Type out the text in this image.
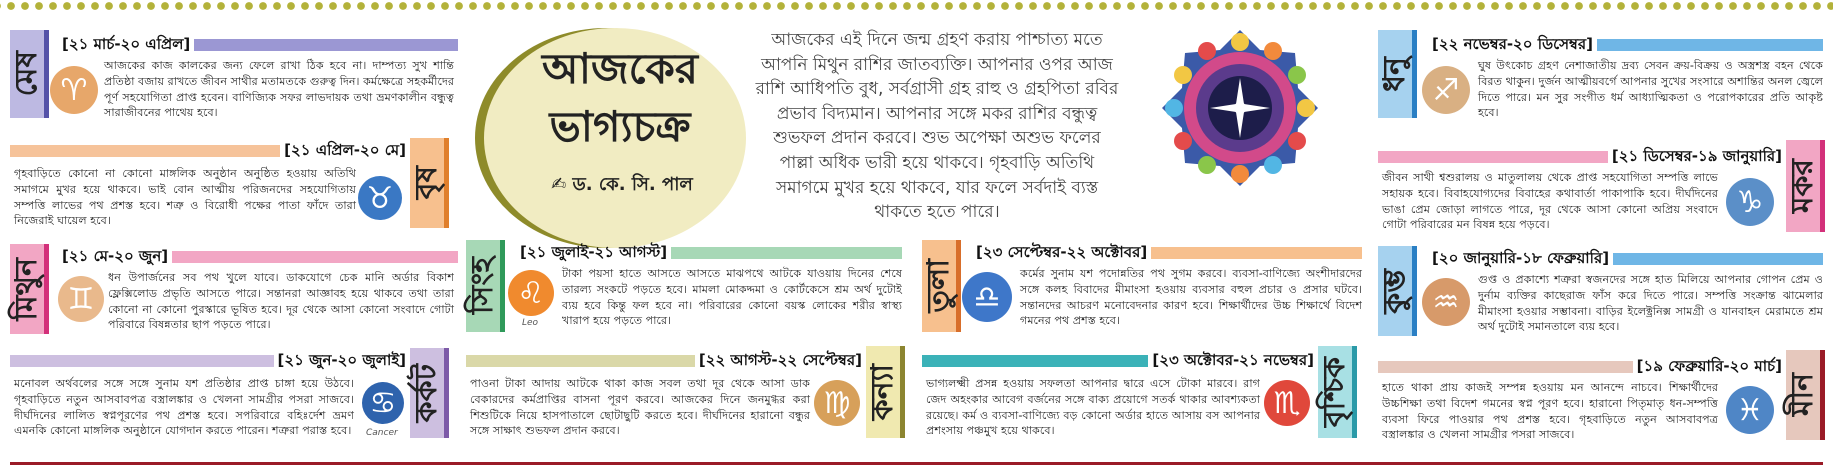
আজকের
ভাগ্যচক্র
✍ ড. কে. সি. পাল
আজকের এই দিনে জন্ম গ্রহণ করায় পাশ্চাত্য মতে আপনি মিথুন রাশির জাতব্যক্তি। আপনার ওপর আজ রাশি আধিপতি বুধ, সর্বগ্রাসী গ্রহ রাহু ও গ্রহপিতা রবির প্রভাব বিদ্যমান। আপনার সঙ্গে মকর রাশির বন্ধুত্ব শুভফল প্রদান করবে। শুভ অপেক্ষা অশুভ ফলের পাল্লা অধিক ভারী হয়ে থাকবে। গৃহবাড়ি অতিথি সমাগমে মুখর হয়ে থাকবে, যার ফলে সর্বদাই ব্যস্ত থাকতে হতে পারে।
মেষ
[২১ মার্চ-২০ এপ্রিল]
♈
আজকের কাজ কালকের জন্য ফেলে রাখা ঠিক হবে না। দাম্পত্য সুখ শান্তি প্রতিষ্ঠা বজায় রাখতে জীবন সাথীর মতামতকে গুরুত্ব দিন। কর্মক্ষেত্রে সহকর্মীদের পূর্ণ সহযোগিতা প্রাপ্ত হবেন। বাণিজ্যিক সফর লাভদায়ক তথা ভ্রমণকালীন বন্ধুত্ব সারাজীবনের পাথেয় হবে।
[২১ এপ্রিল-২০ মে]
বৃষ
গৃহবাড়িতে কোনো না কোনো মাঙ্গলিক অনুষ্ঠান অনুষ্ঠিত হওয়ায় অতিথি সমাগমে মুখর হয়ে থাকবে। ভাই বোন আত্মীয় পরিজনদের সহযোগিতায় সম্পত্তি লাভের পথ প্রশস্ত হবে। শত্রু ও বিরোধী পক্ষের পাতা ফাঁদে তারা নিজেরাই ঘায়েল হবে।
♉
মিথুন
[২১ মে-২০ জুন]
♊
ধন উপার্জনের সব পথ খুলে যাবে। ডাকযোগে চেক মানি অর্ডার বিকাশ ফ্লেক্সিলোড প্রভৃতি আসতে পারে। সন্তানরা আজ্ঞাবহ হয়ে থাকবে তথা তারা কোনো না কোনো পুরস্কারে ভূষিত হবে। দূর থেকে আসা কোনো সংবাদে গোটা পরিবারে বিষন্নতার ছাপ পড়তে পারে।
[২১ জুন-২০ জুলাই]
কর্কট
মনোবল অর্থবলের সঙ্গে সঙ্গে সুনাম যশ প্রতিষ্ঠার প্রাপ্ত চাঙ্গা হয়ে উঠবে। গৃহবাড়িতে নতুন আসবাবপত্র বস্ত্রালঙ্কার ও খেলনা সামগ্রীর পসরা সাজবে। দীর্ঘদিনের লালিত স্বপ্নপূরণের পথ প্রশস্ত হবে। সপরিবারে বহিঃর্দেশ ভ্রমণ এমনকি কোনো মাঙ্গলিক অনুষ্ঠানে যোগদান করতে পারেন। শত্রুরা পরাস্ত হবে।
♋
Cancer
সিংহ
[২১ জুলাই-২১ আগস্ট]
♌
Leo
টাকা পয়সা হাতে আসতে আসতে মাঝপথে আটকে যাওয়ায় দিনের শেষে তারল্য সংকটে পড়তে হবে। মামলা মোকদ্দমা ও কোর্টকেসে শ্রম অর্থ দুটোই ব্যয় হবে কিন্তু ফল হবে না। পরিবারের কোনো বয়স্ক লোকের শরীর স্বাস্থ্য খারাপ হয়ে পড়তে পারে।
[২২ আগস্ট-২২ সেপ্টেম্বর]
কন্যা
পাওনা টাকা আদায় আটকে থাকা কাজ সবল তথা দূর থেকে আসা ডাক বেকারদের কর্মপ্রাপ্তির বাসনা পূরণ করবে। আজকের দিনে জনমুগ্ধর করা শিশুটিকে নিয়ে হাসপাতালে ছোটাছুটি করতে হবে। দীর্ঘদিনের হারানো বন্ধুর সঙ্গে সাক্ষাৎ শুভফল প্রদান করবে।
♍
তুলা
[২৩ সেপ্টেম্বর-২২ অক্টোবর]
♎
কর্মের সুনাম যশ পদোন্নতির পথ সুগম করবে। ব্যবসা-বাণিজ্যে অংশীদারদের সঙ্গে কলহ বিবাদের মীমাংসা হওয়ায় ব্যবসার বহুল প্রচার ও প্রসার ঘটবে। সন্তানদের আচরণ মনোবেদনার কারণ হবে। শিক্ষার্থীদের উচ্চ শিক্ষার্থে বিদেশ গমনের পথ প্রশস্ত হবে।
[২৩ অক্টোবর-২১ নভেম্বর] বৃশ্চিক
ভাগ্যলক্ষ্মী প্রসন্ন হওয়ায় সফলতা আপনার দ্বারে এসে টোকা মারবে। রাগ জেদ অহংকার আবেগ বর্জনের সঙ্গে বাক্য প্রয়োগে সতর্ক থাকার আবশ্যকতা রয়েছে। কর্ম ও ব্যবসা-বাণিজ্যে বড় কোনো অর্ডার হাতে আসায় বস আপনার প্রশংসায় পঞ্চমুখ হয়ে থাকবে।
♏
ধনু
[২২ নভেম্বর-২০ ডিসেম্বর]
♐
ঘুষ উৎকোচ গ্রহণ নেশাজাতীয় দ্রব্য সেবন ক্রয়-বিক্রয় ও অস্ত্রশস্ত্র বহন থেকে বিরত থাকুন। দুর্জন আত্মীয়বর্গে আপনার সুখের সংসারে অশান্তির অনল জ্বেলে দিতে পারে। মন সুর সংগীত ধর্ম আধ্যাত্মিকতা ও পরোপকারের প্রতি আকৃষ্ট হবে।
[২১ ডিসেম্বর-১৯ জানুয়ারি]
মকর
জীবন সাথী শ্বশুরালয় ও মাতুলালয় থেকে প্রাপ্ত সহযোগিতা সম্পত্তি লাভে সহায়ক হবে। বিবাহযোগ্যদের বিবাহের কথাবার্তা পাকাপাকি হবে। দীর্ঘদিনের ভাঙা প্রেম জোড়া লাগতে পারে, দূর থেকে আসা কোনো অপ্রিয় সংবাদে গোটা পরিবারের মন বিষন্ন হয়ে পড়বে।
♑
কুম্ভ
[২০ জানুয়ারি-১৮ ফেব্রুয়ারি]
♒
গুপ্ত ও প্রকাশ্যে শত্রুরা স্বজনদের সঙ্গে হাত মিলিয়ে আপনার গোপন প্রেম ও দুর্নাম ব্যক্তির কাছেরাজ ফাঁস করে দিতে পারে। সম্পত্তি সংক্রান্ত ঝামেলার মীমাংসা হওয়ার সম্ভাবনা। বাড়ির ইলেক্ট্রনিক্স সামগ্রী ও যানবাহন মেরামতে শ্রম অর্থ দুটোই সমানতালে ব্যয় হবে।
[১৯ ফেব্রুয়ারি-২০ মার্চ]
মীন
হাতে থাকা প্রায় কাজই সম্পন্ন হওয়ায় মন আনন্দে নাচবে। শিক্ষার্থীদের উচ্চশিক্ষা তথা বিদেশ গমনের স্বপ্ন পূরণ হবে। হারানো পিতৃমাতৃ ধন-সম্পত্তি ব্যবসা ফিরে পাওয়ার পথ প্রশস্ত হবে। গৃহবাড়িতে নতুন আসবাবপত্র বস্ত্রালঙ্কার ও খেলনা সামগ্রীর পসরা সাজবে।
♓
